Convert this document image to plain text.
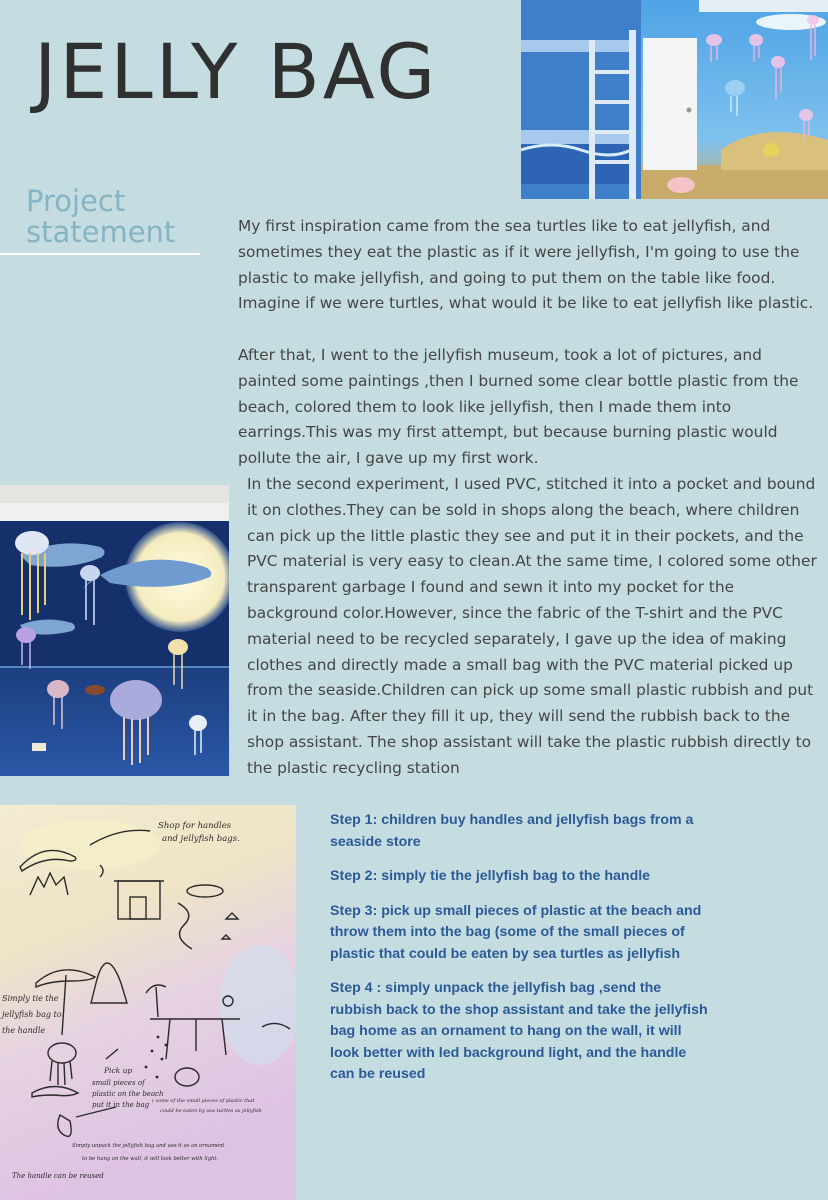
JELLY BAG
Project
statement	My first inspiration came from the sea turtles like to eat jellyfish, and sometimes they eat the plastic as if it were jellyfish, I'm going to use the plastic to make jellyfish, and going to put them on the table like food. Imagine if we were turtles, what would it be like to eat jellyfish like plastic.

After that, I went to the jellyfish museum, took a lot of pictures, and painted some paintings ,then I burned some clear bottle plastic from the beach, colored them to look like jellyfish, then I made them into earrings.This was my first attempt, but because burning plastic would pollute the air, I gave up my first work.

In the second experiment, I used PVC, stitched it into a pocket and bound it on clothes.They can be sold in shops along the beach, where children can pick up the little plastic they see and put it in their pockets, and the PVC material is very easy to clean.At the same time, I colored some other transparent garbage I found and sewn it into my pocket for the background color.However, since the fabric of the T-shirt and the PVC material need to be recycled separately, I gave up the idea of making clothes and directly made a small bag with the PVC material picked up from the seaside.Children can pick up some small plastic rubbish and put it in the bag. After they fill it up, they will send the rubbish back to the shop assistant. The shop assistant will take the plastic rubbish directly to the plastic recycling station

Step 1: children buy handles and jellyfish bags from a seaside store

Step 2: simply tie the jellyfish bag to the handle

Step 3: pick up small pieces of plastic at the beach and throw them into the bag (some of the small pieces of plastic that could be eaten by sea turtles as jellyfish

Step 4 : simply unpack the jellyfish bag ,send the rubbish back to the shop assistant and take the jellyfish bag home as an ornament to hang on the wall, it will look better with led background light, and the handle can be reused

Shop for handles
and jellyfish bags.
Simply tie the
jellyfish bag to
the handle
Pick up
small pieces of
plastic on the beach
put it in the bag ( some of the small pieces of plastic that
could be eaten by sea turtles as jellyfish
Simply unpack the jellyfish bag and use it as an ornament
to be hung on the wall, it will look better with light.
The handle can be reused
